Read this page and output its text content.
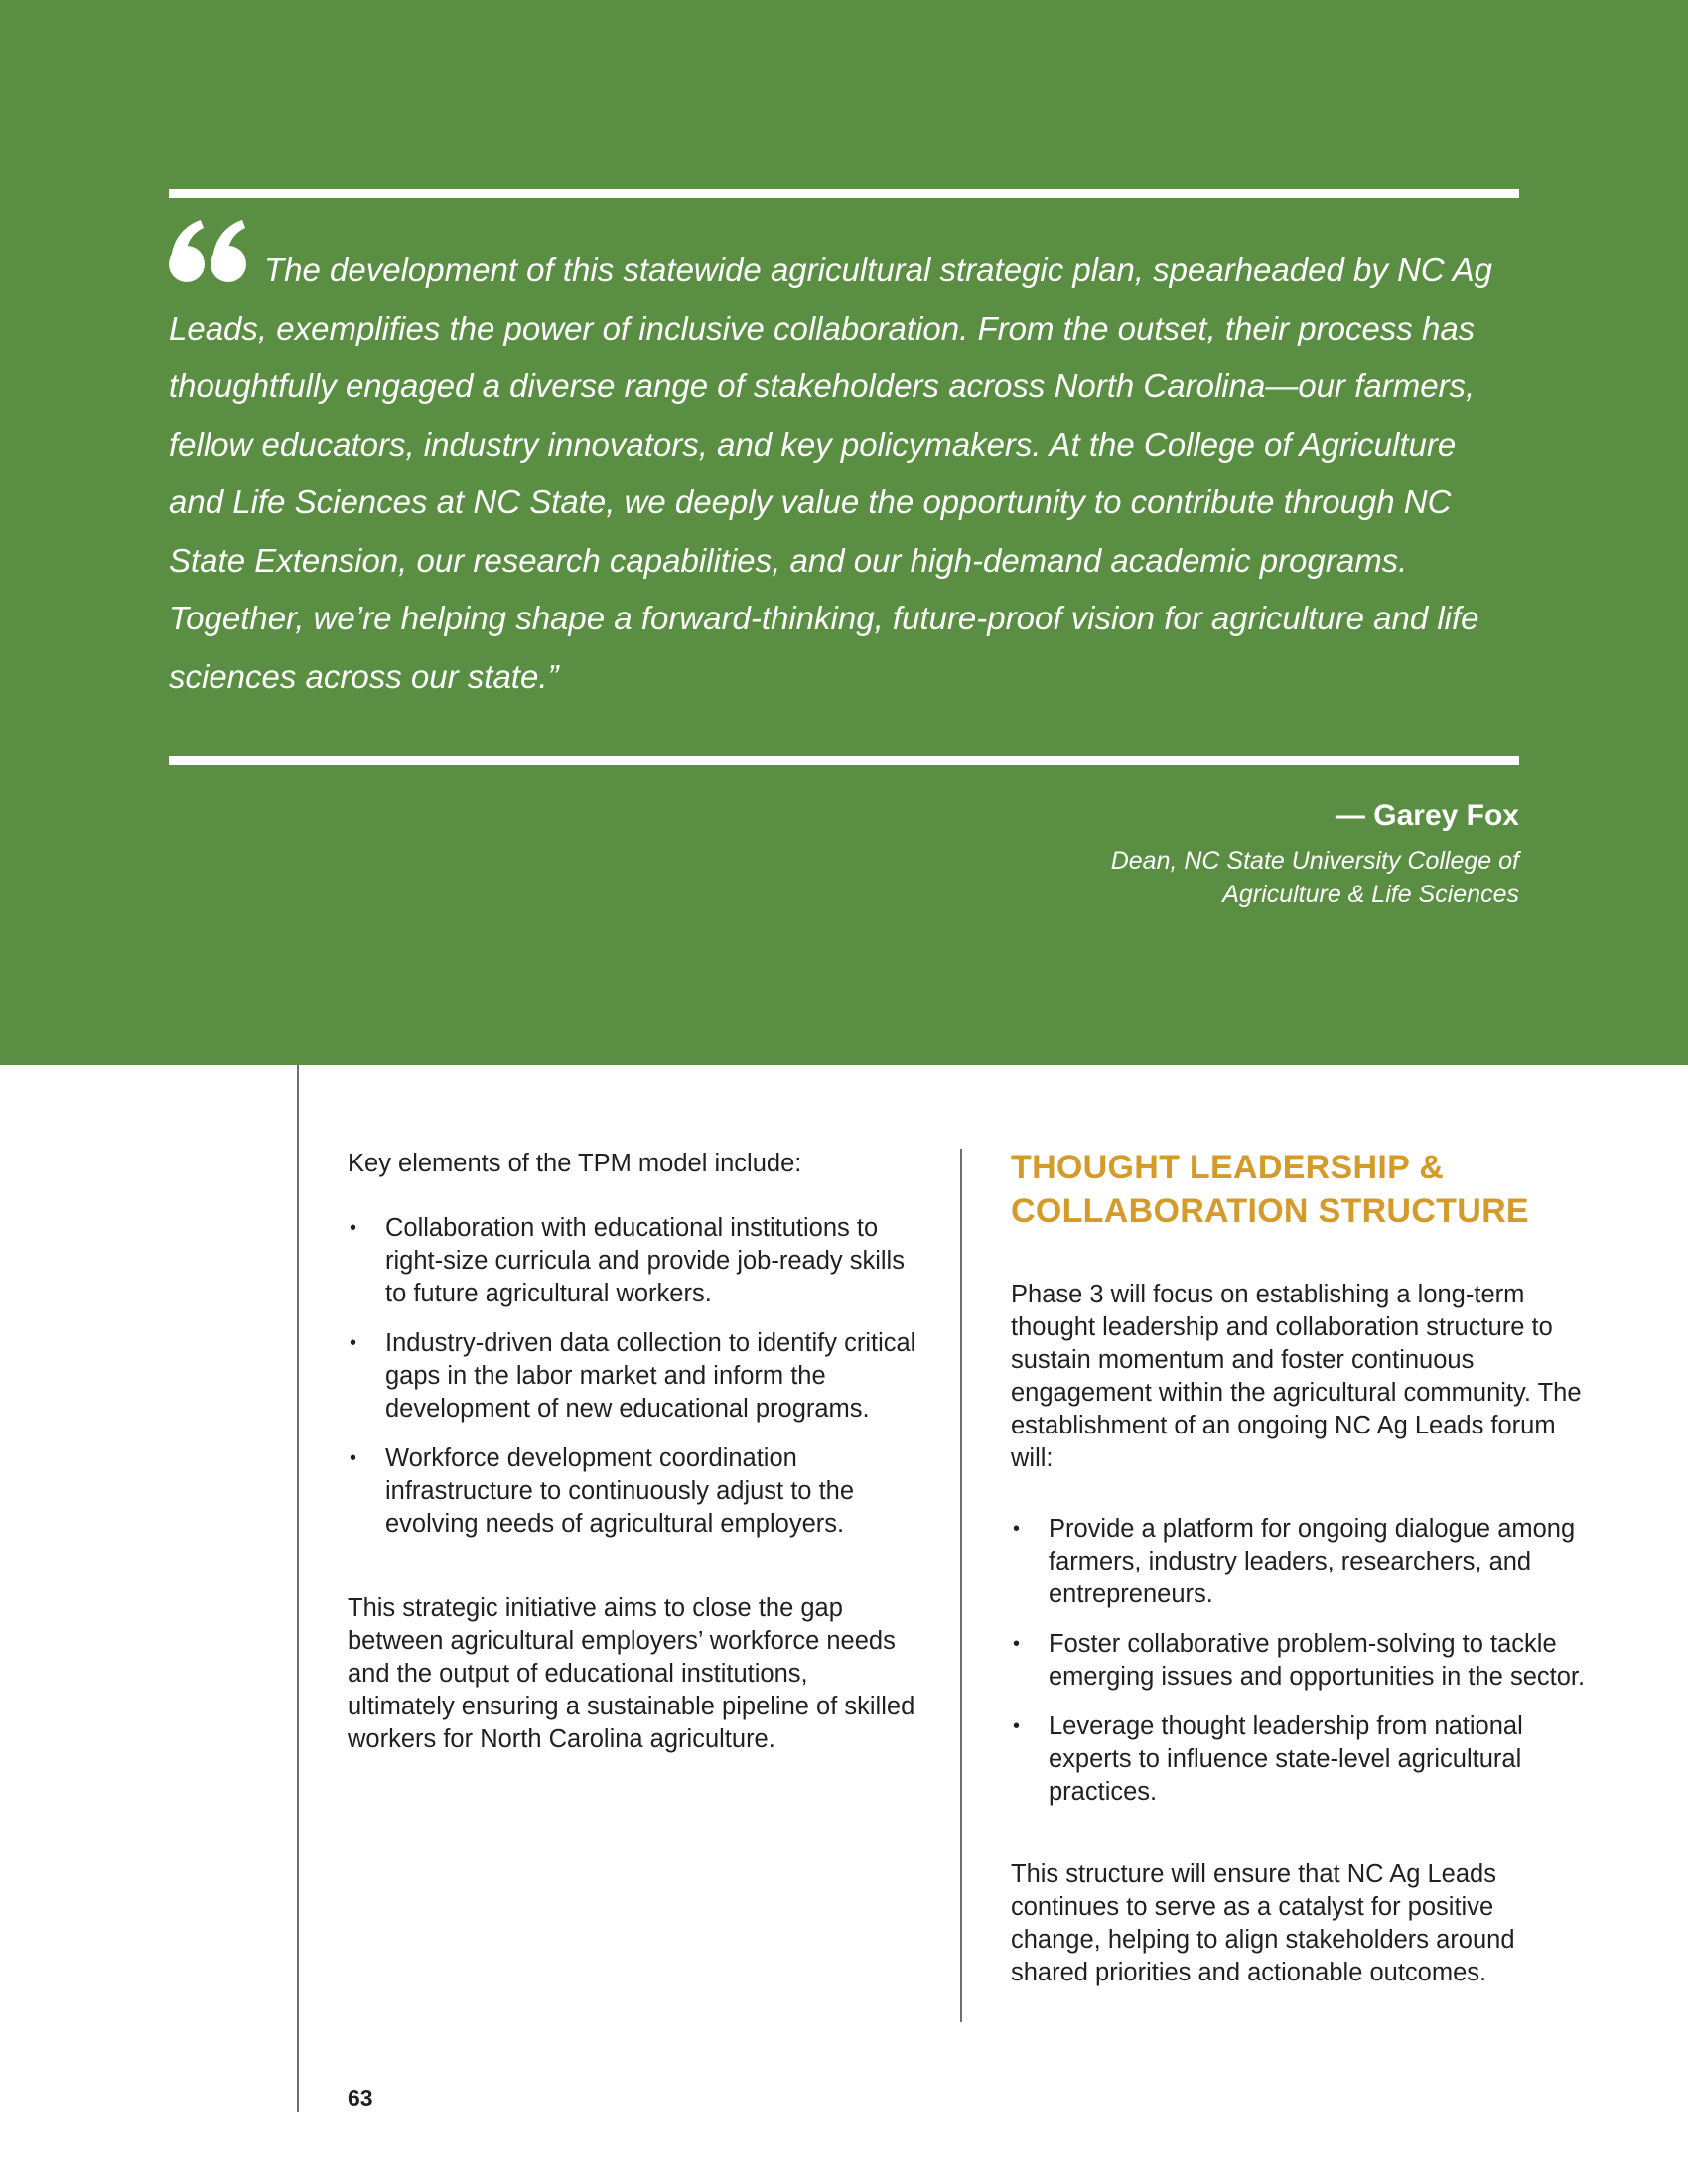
The development of this statewide agricultural strategic plan, spearheaded by NC Ag Leads, exemplifies the power of inclusive collaboration. From the outset, their process has thoughtfully engaged a diverse range of stakeholders across North Carolina—our farmers, fellow educators, industry innovators, and key policymakers. At the College of Agriculture and Life Sciences at NC State, we deeply value the opportunity to contribute through NC State Extension, our research capabilities, and our high-demand academic programs. Together, we’re helping shape a forward-thinking, future-proof vision for agriculture and life sciences across our state.”

— Garey Fox
Dean, NC State University College of Agriculture & Life Sciences

Key elements of the TPM model include:

• Collaboration with educational institutions to right-size curricula and provide job-ready skills to future agricultural workers.
• Industry-driven data collection to identify critical gaps in the labor market and inform the development of new educational programs.
• Workforce development coordination infrastructure to continuously adjust to the evolving needs of agricultural employers.

This strategic initiative aims to close the gap between agricultural employers’ workforce needs and the output of educational institutions, ultimately ensuring a sustainable pipeline of skilled workers for North Carolina agriculture.

THOUGHT LEADERSHIP & COLLABORATION STRUCTURE

Phase 3 will focus on establishing a long-term thought leadership and collaboration structure to sustain momentum and foster continuous engagement within the agricultural community. The establishment of an ongoing NC Ag Leads forum will:

• Provide a platform for ongoing dialogue among farmers, industry leaders, researchers, and entrepreneurs.
• Foster collaborative problem-solving to tackle emerging issues and opportunities in the sector.
• Leverage thought leadership from national experts to influence state-level agricultural practices.

This structure will ensure that NC Ag Leads continues to serve as a catalyst for positive change, helping to align stakeholders around shared priorities and actionable outcomes.

63
